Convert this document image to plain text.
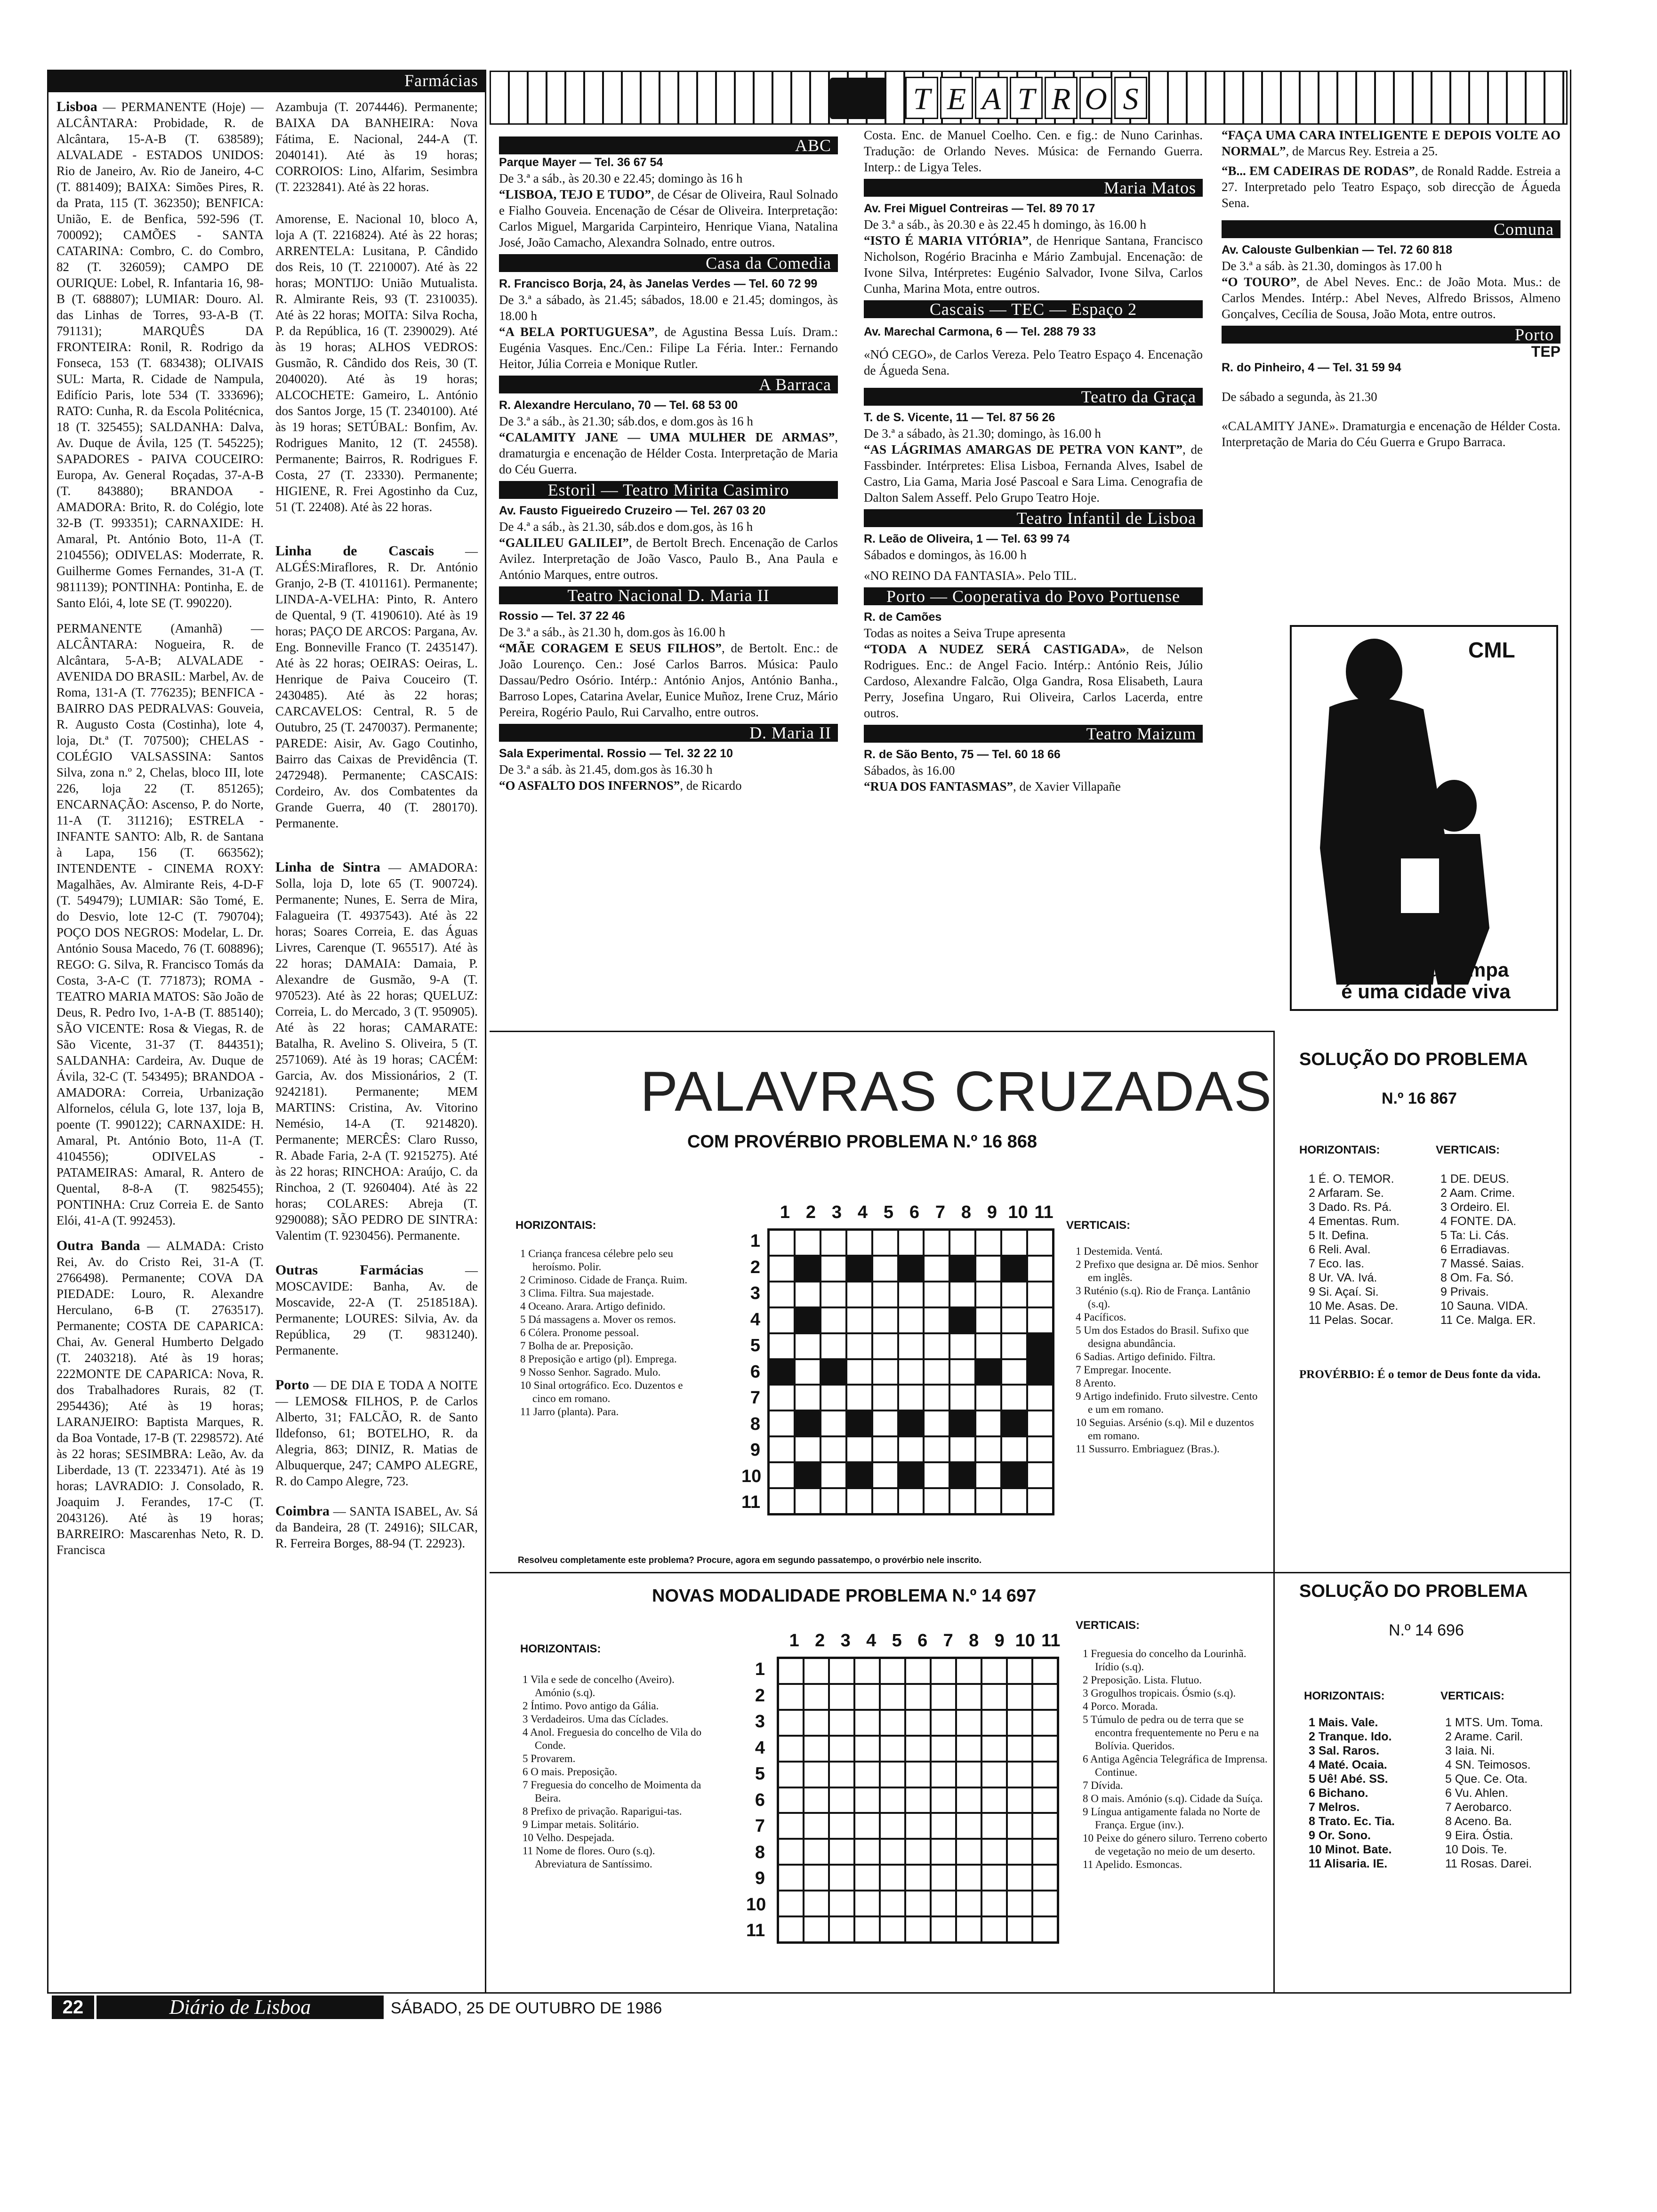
Farmácias

Lisboa — PERMANENTE (Hoje) — ALCÂNTARA: Probidade, R. de Alcântara, 15-A-B (T. 638589); ALVALADE - ESTADOS UNIDOS: Rio de Janeiro, Av. Rio de Janeiro, 4-C (T. 881409); BAIXA: Simões Pires, R. da Prata, 115 (T. 362350); BENFICA: União, E. de Benfica, 592-596 (T. 700092); CAMÕES - SANTA CATARINA: Combro, C. do Combro, 82 (T. 326059); CAMPO DE OURIQUE: Lobel, R. Infantaria 16, 98-B (T. 688807); LUMIAR: Douro. Al. das Linhas de Torres, 93-A-B (T. 791131); MARQUÊS DA FRONTEIRA: Ronil, R. Rodrigo da Fonseca, 153 (T. 683438); OLIVAIS SUL: Marta, R. Cidade de Nampula, Edifício Paris, lote 534 (T. 333696); RATO: Cunha, R. da Escola Politécnica, 18 (T. 325455); SALDANHA: Dalva, Av. Duque de Ávila, 125 (T. 545225); SAPADORES - PAIVA COUCEIRO: Europa, Av. General Roçadas, 37-A-B (T. 843880); BRANDOA - AMADORA: Brito, R. do Colégio, lote 32-B (T. 993351); CARNAXIDE: H. Amaral, Pt. António Boto, 11-A (T. 2104556); ODIVELAS: Moderrate, R. Guilherme Gomes Fernandes, 31-A (T. 9811139); PONTINHA: Pontinha, E. de Santo Elói, 4, lote SE (T. 990220).

PERMANENTE (Amanhã) — ALCÂNTARA: Nogueira, R. de Alcântara, 5-A-B; ALVALADE - AVENIDA DO BRASIL: Marbel, Av. de Roma, 131-A (T. 776235); BENFICA - BAIRRO DAS PEDRALVAS: Gouveia, R. Augusto Costa (Costinha), lote 4, loja, Dt.ª (T. 707500); CHELAS - COLÉGIO VALSASSINA: Santos Silva, zona n.º 2, Chelas, bloco III, lote 226, loja 22 (T. 851265); ENCARNAÇÃO: Ascenso, P. do Norte, 11-A (T. 311216); ESTRELA - INFANTE SANTO: Alb, R. de Santana à Lapa, 156 (T. 663562); INTENDENTE - CINEMA ROXY: Magalhães, Av. Almirante Reis, 4-D-F (T. 549479); LUMIAR: São Tomé, E. do Desvio, lote 12-C (T. 790704); POÇO DOS NEGROS: Modelar, L. Dr. António Sousa Macedo, 76 (T. 608896); REGO: G. Silva, R. Francisco Tomás da Costa, 3-A-C (T. 771873); ROMA - TEATRO MARIA MATOS: São João de Deus, R. Pedro Ivo, 1-A-B (T. 885140); SÃO VICENTE: Rosa & Viegas, R. de São Vicente, 31-37 (T. 844351); SALDANHA: Cardeira, Av. Duque de Ávila, 32-C (T. 543495); BRANDOA - AMADORA: Correia, Urbanização Alfornelos, célula G, lote 137, loja B, poente (T. 990122); CARNAXIDE: H. Amaral, Pt. António Boto, 11-A (T. 4104556); ODIVELAS - PATAMEIRAS: Amaral, R. Antero de Quental, 8-8-A (T. 9825455); PONTINHA: Cruz Correia E. de Santo Elói, 41-A (T. 992453).

Outra Banda — ALMADA: Cristo Rei, Av. do Cristo Rei, 31-A (T. 2766498). Permanente; COVA DA PIEDADE: Louro, R. Alexandre Herculano, 6-B (T. 2763517). Permanente; COSTA DE CAPARICA: Chai, Av. General Humberto Delgado (T. 2403218). Até às 19 horas; 222MONTE DE CAPARICA: Nova, R. dos Trabalhadores Rurais, 82 (T. 2954436); Até às 19 horas; LARANJEIRO: Baptista Marques, R. da Boa Vontade, 17-B (T. 2298572). Até às 22 horas; SESIMBRA: Leão, Av. da Liberdade, 13 (T. 2233471). Até às 19 horas; LAVRADIO: J. Consolado, R. Joaquim J. Ferandes, 17-C (T. 2043126). Até às 19 horas; BARREIRO: Mascarenhas Neto, R. D. Francisca

Azambuja (T. 2074446). Permanente; BAIXA DA BANHEIRA: Nova Fátima, E. Nacional, 244-A (T. 2040141). Até às 19 horas; CORROIOS: Lino, Alfarim, Sesimbra (T. 2232841). Até às 22 horas.

Amorense, E. Nacional 10, bloco A, loja A (T. 2216824). Até às 22 horas; ARRENTELA: Lusitana, P. Cândido dos Reis, 10 (T. 2210007). Até às 22 horas; MONTIJO: União Mutualista. R. Almirante Reis, 93 (T. 2310035). Até às 22 horas; MOITA: Silva Rocha, P. da República, 16 (T. 2390029). Até às 19 horas; ALHOS VEDROS: Gusmão, R. Cândido dos Reis, 30 (T. 2040020). Até às 19 horas; ALCOCHETE: Gameiro, L. António dos Santos Jorge, 15 (T. 2340100). Até às 19 horas; SETÚBAL: Bonfim, Av. Rodrigues Manito, 12 (T. 24558). Permanente; Bairros, R. Rodrigues F. Costa, 27 (T. 23330). Permanente; HIGIENE, R. Frei Agostinho da Cuz, 51 (T. 22408). Até às 22 horas.

Linha de Cascais — ALGÉS:Miraflores, R. Dr. António Granjo, 2-B (T. 4101161). Permanente; LINDA-A-VELHA: Pinto, R. Antero de Quental, 9 (T. 4190610). Até às 19 horas; PAÇO DE ARCOS: Pargana, Av. Eng. Bonneville Franco (T. 2435147). Até às 22 horas; OEIRAS: Oeiras, L. Henrique de Paiva Couceiro (T. 2430485). Até às 22 horas; CARCAVELOS: Central, R. 5 de Outubro, 25 (T. 2470037). Permanente; PAREDE: Aisir, Av. Gago Coutinho, Bairro das Caixas de Previdência (T. 2472948). Permanente; CASCAIS: Cordeiro, Av. dos Combatentes da Grande Guerra, 40 (T. 280170). Permanente.

Linha de Sintra — AMADORA: Solla, loja D, lote 65 (T. 900724). Permanente; Nunes, E. Serra de Mira, Falagueira (T. 4937543). Até às 22 horas; Soares Correia, E. das Águas Livres, Carenque (T. 965517). Até às 22 horas; DAMAIA: Damaia, P. Alexandre de Gusmão, 9-A (T. 970523). Até às 22 horas; QUELUZ: Correia, L. do Mercado, 3 (T. 950905). Até às 22 horas; CAMARATE: Batalha, R. Avelino S. Oliveira, 5 (T. 2571069). Até às 19 horas; CACÉM: Garcia, Av. dos Missionários, 2 (T. 9242181). Permanente; MEM MARTINS: Cristina, Av. Vitorino Nemésio, 14-A (T. 9214820). Permanente; MERCÊS: Claro Russo, R. Abade Faria, 2-A (T. 9215275). Até às 22 horas; RINCHOA: Araújo, C. da Rinchoa, 2 (T. 9260404). Até às 22 horas; COLARES: Abreja (T. 9290088); SÃO PEDRO DE SINTRA: Valentim (T. 9230456). Permanente.

Outras Farmácias	— MOSCAVIDE: Banha, Av. de Moscavide, 22-A (T. 2518518A). Permanente; LOURES: Silvia, Av. da República, 29 (T. 9831240). Permanente.

Porto — DE DIA E TODA A NOITE — LEMOS& FILHOS, P. de Carlos Alberto, 31; FALCÃO, R. de Santo Ildefonso, 61; BOTELHO, R. da Alegria, 863; DINIZ, R. Matias de Albuquerque, 247; CAMPO ALEGRE, R. do Campo Alegre, 723.

Coimbra — SANTA ISABEL, Av. Sá da Bandeira, 28 (T. 24916); SILCAR, R. Ferreira Borges, 88-94 (T. 22923).

T E A T R O S
ABC

Parque Mayer — Tel. 36 67 54

De 3.ª a sáb., às 20.30 e 22.45; domingo às 16 h

“LISBOA, TEJO E TUDO”, de César de Oliveira, Raul Solnado e Fialho Gouveia. Encenação de César de Oliveira. Interpretação: Carlos Miguel, Margarida Carpinteiro, Henrique Viana, Natalina José, João Camacho, Alexandra Solnado, entre outros.

Casa da Comedia

R. Francisco Borja, 24, às Janelas Verdes — Tel. 60 72 99

De 3.ª a sábado, às 21.45; sábados, 18.00 e 21.45; domingos, às 18.00 h

“A BELA PORTUGUESA”, de Agustina Bessa Luís. Dram.: Eugénia Vasques. Enc./Cen.: Filipe La Féria. Inter.: Fernando Heitor, Júlia Correia e Monique Rutler.

A Barraca

R. Alexandre Herculano, 70 — Tel. 68 53 00

De 3.ª a sáb., às 21.30; sáb.dos, e dom.gos às 16 h

“CALAMITY JANE — UMA MULHER DE ARMAS”, dramaturgia e encenação de Hélder Costa. Interpretação de Maria do Céu Guerra.

Estoril — Teatro Mirita Casimiro

Av. Fausto Figueiredo Cruzeiro — Tel. 267 03 20

De 4.ª a sáb., às 21.30, sáb.dos e dom.gos, às 16 h

“GALILEU GALILEI”, de Bertolt Brech. Encenação de Carlos Avilez. Interpretação de João Vasco, Paulo B., Ana Paula e António Marques, entre outros.

Teatro Nacional D. Maria II

Rossio — Tel. 37 22 46

De 3.ª a sáb., às 21.30 h, dom.gos às 16.00 h

“MÃE CORAGEM E SEUS FILHOS”, de Bertolt. Enc.: de João Lourenço. Cen.: José Carlos Barros. Música: Paulo Dassau/Pedro Osório. Intérp.: António Anjos, António Banha., Barroso Lopes, Catarina Avelar, Eunice Muñoz, Irene Cruz, Mário Pereira, Rogério Paulo, Rui Carvalho, entre outros.

D. Maria II

Sala Experimental. Rossio — Tel. 32 22 10

De 3.ª a sáb. às 21.45, dom.gos às 16.30 h

“O ASFALTO DOS INFERNOS”, de Ricardo

Costa. Enc. de Manuel Coelho. Cen. e fig.: de Nuno Carinhas. Tradução: de Orlando Neves. Música: de Fernando Guerra. Interp.: de Ligya Teles.

Maria Matos

Av. Frei Miguel Contreiras — Tel. 89 70 17

De 3.ª a sáb., às 20.30 e às 22.45 h domingo, às 16.00 h

“ISTO É MARIA VITÓRIA”, de Henrique Santana, Francisco Nicholson, Rogério Bracinha e Mário Zambujal. Encenação: de Ivone Silva, Intérpretes: Eugénio Salvador, Ivone Silva, Carlos Cunha, Marina Mota, entre outros.

Cascais — TEC — Espaço 2

Av. Marechal Carmona, 6 — Tel. 288 79 33

«NÓ CEGO», de Carlos Vereza. Pelo Teatro Espaço 4. Encenação de Águeda Sena.

Teatro da Graça

T. de S. Vicente, 11 — Tel. 87 56 26

De 3.ª a sábado, às 21.30; domingo, às 16.00 h

“AS LÁGRIMAS AMARGAS DE PETRA VON KANT”, de Fassbinder. Intérpretes: Elisa Lisboa, Fernanda Alves, Isabel de Castro, Lia Gama, Maria José Pascoal e Sara Lima. Cenografia de Dalton Salem Asseff. Pelo Grupo Teatro Hoje.

Teatro Infantil de Lisboa

R. Leão de Oliveira, 1 — Tel. 63 99 74

Sábados e domingos, às 16.00 h

«NO REINO DA FANTASIA». Pelo TIL.

Porto — Cooperativa do Povo Portuense

R. de Camões

Todas as noites a Seiva Trupe apresenta

“TODA A NUDEZ SERÁ CASTIGADA», de Nelson Rodrigues. Enc.: de Angel Facio. Intérp.: António Reis, Júlio Cardoso, Alexandre Falcão, Olga Gandra, Rosa Elisabeth, Laura Perry, Josefina Ungaro, Rui Oliveira, Carlos Lacerda, entre outros.

Teatro Maizum

R. de São Bento, 75 — Tel. 60 18 66

Sábados, às 16.00

“RUA DOS FANTASMAS”, de Xavier Villapañe

“FAÇA UMA CARA INTELIGENTE E DEPOIS VOLTE AO NORMAL”, de Marcus Rey. Estreia a 25.

“B... EM CADEIRAS DE RODAS”, de Ronald Radde. Estreia a 27. Interpretado pelo Teatro Espaço, sob direcção de Águeda Sena.

Comuna

Av. Calouste Gulbenkian — Tel. 72 60 818

De 3.ª a sáb. às 21.30, domingos às 17.00 h

“O TOURO”, de Abel Neves. Enc.: de João Mota. Mus.: de Carlos Mendes. Intérp.: Abel Neves, Alfredo Brissos, Almeno Gonçalves, Cecília de Sousa, João Mota, entre outros.

Porto

TEP

R. do Pinheiro, 4 — Tel. 31 59 94

De sábado a segunda, às 21.30

«CALAMITY JANE». Dramaturgia e encenação de Hélder Costa. Interpretação de Maria do Céu Guerra e Grupo Barraca.

CML
uma cidade limpa
é uma cidade viva
PALAVRAS CRUZADAS
COM PROVÉRBIO PROBLEMA N.º 16 868
HORIZONTAIS:

1 Criança francesa célebre pelo seu heroísmo. Polir.

2 Criminoso. Cidade de França. Ruim.

3 Clima. Filtra. Sua majestade.

4 Oceano. Arara. Artigo definido.

5 Dá massagens a. Mover os remos.

6 Cólera. Pronome pessoal.

7 Bolha de ar. Preposição.

8 Preposição e artigo (pl). Emprega.

9 Nosso Senhor. Sagrado. Mulo.

10 Sinal ortográfico. Eco. Duzentos e cinco em romano.

11 Jarro (planta). Para.

1 2 3 4 5 6 7 8 9 10 11
1
2
3
4
5
6
7
8
9
10
11
VERTICAIS:

1 Destemida. Ventá.

2 Prefixo que designa ar. Dê mios. Senhor em inglês.

3 Ruténio (s.q). Rio de França. Lantânio (s.q).

4 Pacíficos.

5 Um dos Estados do Brasil. Sufixo que designa abundância.

6 Sadias. Artigo definido. Filtra.

7 Empregar. Inocente.

8 Arento.

9 Artigo indefinido. Fruto silvestre. Cento e um em romano.

10 Seguias. Arsénio (s.q). Mil e duzentos em romano.

11 Sussurro. Embriaguez (Bras.).

Resolveu completamente este problema? Procure, agora em segundo passatempo, o provérbio nele inscrito.
SOLUÇÃO DO PROBLEMA
N.º 16 867
HORIZONTAIS:	VERTICAIS:

1 É. O. TEMOR.

2 Arfaram. Se.

3 Dado. Rs. Pá.

4 Ementas. Rum.

5 It. Defina.

6 Reli. Aval.

7 Eco. Ias.

8 Ur. VA. Ivá.

9 Si. Açaí. Si.

10 Me. Asas. De.

11 Pelas. Socar.

1 DE. DEUS.

2 Aam. Crime.

3 Ordeiro. El.

4 FONTE. DA.

5 Ta: Li. Cás.

6 Erradiavas.

7 Massé. Saias.

8 Om. Fa. Só.

9 Privais.

10 Sauna. VIDA.

11 Ce. Malga. ER.

PROVÉRBIO: É o temor de Deus fonte da vida.
NOVAS MODALIDADE PROBLEMA N.º 14 697
HORIZONTAIS:

1 Vila e sede de concelho (Aveiro). Amónio (s.q).

2 Íntimo. Povo antigo da Gália.

3 Verdadeiros. Uma das Cíclades.

4 Anol. Freguesia do concelho de Vila do Conde.

5 Provarem.

6 O mais. Preposição.

7 Freguesia do concelho de Moimenta da Beira.

8 Prefixo de privação. Raparigui-tas.

9 Limpar metais. Solitário.

10 Velho. Despejada.

11 Nome de flores. Ouro (s.q). Abreviatura de Santíssimo.

1 2 3 4 5 6 7 8 9 10 11
1
2
3
4
5
6
7
8
9
10
11
VERTICAIS:

1 Freguesia do concelho da Lourinhã. Irídio (s.q).

2 Preposição. Lista. Flutuo.

3 Grogulhos tropicais. Ósmio (s.q).

4 Porco. Morada.

5 Túmulo de pedra ou de terra que se encontra frequentemente no Peru e na Bolívia. Queridos.

6 Antiga Agência Telegráfica de Imprensa. Continue.

7 Dívida.

8 O mais. Amónio (s.q). Cidade da Suíça.

9 Língua antigamente falada no Norte de França. Ergue (inv.).

10 Peixe do género siluro. Terreno coberto de vegetação no meio de um deserto.

11 Apelido. Esmoncas.

SOLUÇÃO DO PROBLEMA
N.º 14 696
HORIZONTAIS:	VERTICAIS:

1 Mais. Vale.

2 Tranque. Ido.

3 Sal. Raros.

4 Maté. Ocaia.

5 Uê! Abé. SS.

6 Bichano.

7 Melros.

8 Trato. Ec. Tia.

9 Or. Sono.

10 Minot. Bate.

11 Alisaria. IE.

1 MTS. Um. Toma.

2 Arame. Caril.

3 Iaia. Ni.

4 SN. Teimosos.

5 Que. Ce. Ota.

6 Vu. Ahlen.

7 Aerobarco.

8 Aceno. Ba.

9 Eira. Óstia.

10 Dois. Te.

11 Rosas. Darei.

22	Diário de Lisboa	SÁBADO, 25 DE OUTUBRO DE 1986
